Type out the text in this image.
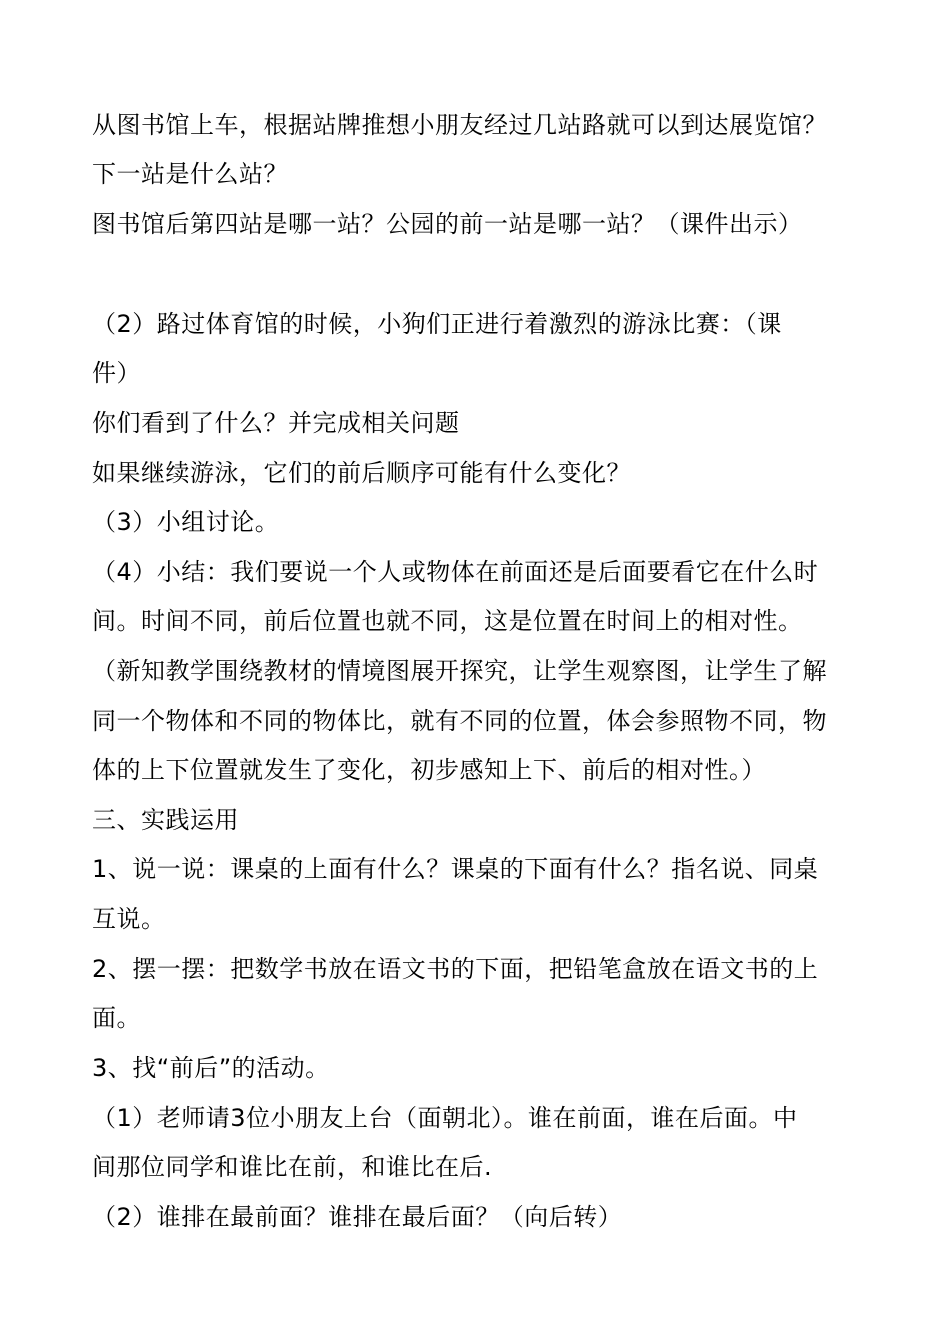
从图书馆上车，根据站牌推想小朋友经过几站路就可以到达展览馆？
下一站是什么站？
图书馆后第四站是哪一站？公园的前一站是哪一站？（课件出示）
（2）路过体育馆的时候，小狗们正进行着激烈的游泳比赛：（课
件）
你们看到了什么？并完成相关问题
如果继续游泳，它们的前后顺序可能有什么变化？
（3）小组讨论。
（4）小结：我们要说一个人或物体在前面还是后面要看它在什么时
间。时间不同，前后位置也就不同，这是位置在时间上的相对性。
（新知教学围绕教材的情境图展开探究，让学生观察图，让学生了解
同一个物体和不同的物体比，就有不同的位置，体会参照物不同，物
体的上下位置就发生了变化，初步感知上下、前后的相对性。）
三、实践运用
1、说一说：课桌的上面有什么？课桌的下面有什么？指名说、同桌
互说。
2、摆一摆：把数学书放在语文书的下面，把铅笔盒放在语文书的上
面。
3、找“前后”的活动。
（1）老师请3位小朋友上台（面朝北）。谁在前面，谁在后面。中
间那位同学和谁比在前，和谁比在后.
（2）谁排在最前面？谁排在最后面？（向后转）
